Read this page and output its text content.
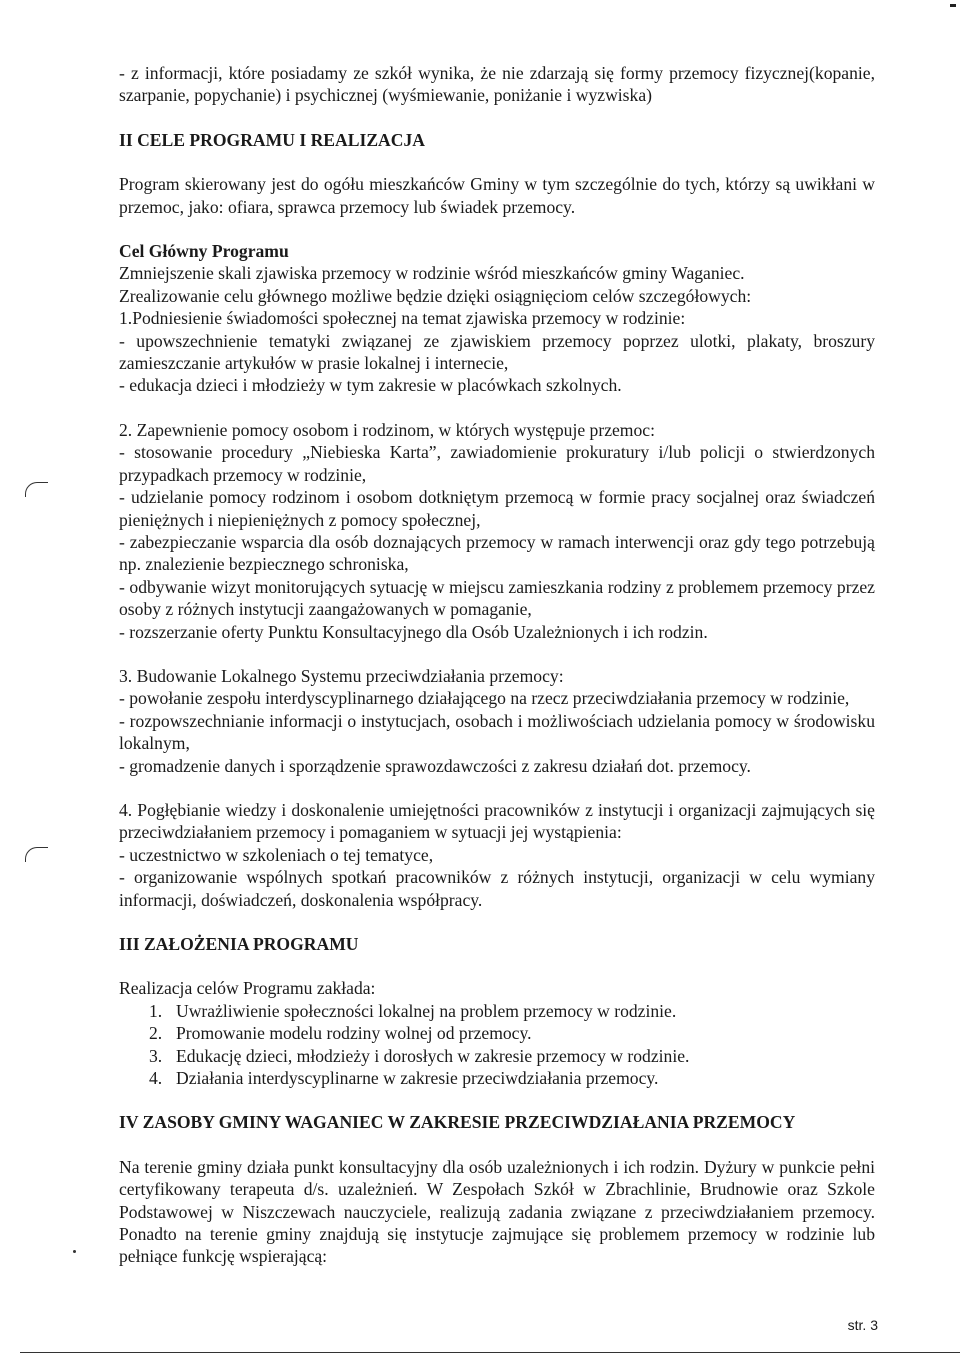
- z informacji, które posiadamy ze szkół wynika, że nie zdarzają się formy przemocy fizycznej(kopanie, szarpanie, popychanie) i psychicznej (wyśmiewanie, poniżanie i wyzwiska)

II CELE PROGRAMU I REALIZACJA

Program skierowany jest do ogółu mieszkańców Gminy w tym szczególnie do tych, którzy są uwikłani w przemoc, jako: ofiara, sprawca przemocy lub świadek przemocy.

Cel Główny Programu

Zmniejszenie skali zjawiska przemocy w rodzinie wśród mieszkańców gminy Waganiec.

Zrealizowanie celu głównego możliwe będzie dzięki osiągnięciom celów szczegółowych:

1.Podniesienie świadomości społecznej na temat zjawiska przemocy w rodzinie:

- upowszechnienie tematyki związanej ze zjawiskiem przemocy poprzez ulotki, plakaty, broszury zamieszczanie artykułów w prasie lokalnej i internecie,

- edukacja dzieci i młodzieży w tym zakresie w placówkach szkolnych.

2. Zapewnienie pomocy osobom i rodzinom, w których występuje przemoc:

- stosowanie procedury „Niebieska Karta”, zawiadomienie prokuratury i/lub policji o stwierdzonych przypadkach przemocy w rodzinie,

- udzielanie pomocy rodzinom i osobom dotkniętym przemocą w formie pracy socjalnej oraz świadczeń pieniężnych i niepieniężnych z pomocy społecznej,

- zabezpieczanie wsparcia dla osób doznających przemocy w ramach interwencji oraz gdy tego potrzebują np. znalezienie bezpiecznego schroniska,

- odbywanie wizyt monitorujących sytuację w miejscu zamieszkania rodziny z problemem przemocy przez osoby z różnych instytucji zaangażowanych w pomaganie,

- rozszerzanie oferty Punktu Konsultacyjnego dla Osób Uzależnionych i ich rodzin.

3. Budowanie Lokalnego Systemu przeciwdziałania przemocy:

- powołanie zespołu interdyscyplinarnego działającego na rzecz przeciwdziałania przemocy w rodzinie,

- rozpowszechnianie informacji o instytucjach, osobach i możliwościach udzielania pomocy w środowisku lokalnym,

- gromadzenie danych i sporządzenie sprawozdawczości z zakresu działań dot. przemocy.

4. Pogłębianie wiedzy i doskonalenie umiejętności pracowników z instytucji i organizacji zajmujących się przeciwdziałaniem przemocy i pomaganiem w sytuacji jej wystąpienia:

- uczestnictwo w szkoleniach o tej tematyce,

- organizowanie wspólnych spotkań pracowników z różnych instytucji, organizacji w celu wymiany informacji, doświadczeń, doskonalenia współpracy.

III ZAŁOŻENIA PROGRAMU

Realizacja celów Programu zakłada:

1. Uwrażliwienie społeczności lokalnej na problem przemocy w rodzinie.
2. Promowanie modelu rodziny wolnej od przemocy.
3. Edukację dzieci, młodzieży i dorosłych w zakresie przemocy w rodzinie.
4. Działania interdyscyplinarne w zakresie przeciwdziałania przemocy.
IV ZASOBY GMINY WAGANIEC W ZAKRESIE PRZECIWDZIAŁANIA PRZEMOCY

Na terenie gminy działa punkt konsultacyjny dla osób uzależnionych i ich rodzin. Dyżury w punkcie pełni certyfikowany terapeuta d/s. uzależnień. W Zespołach Szkół w Zbrachlinie, Brudnowie oraz Szkole Podstawowej w Niszczewach nauczyciele, realizują zadania związane z przeciwdziałaniem przemocy. Ponadto na terenie gminy znajdują się instytucje zajmujące się problemem przemocy w rodzinie lub pełniące funkcję wspierającą:

str. 3
